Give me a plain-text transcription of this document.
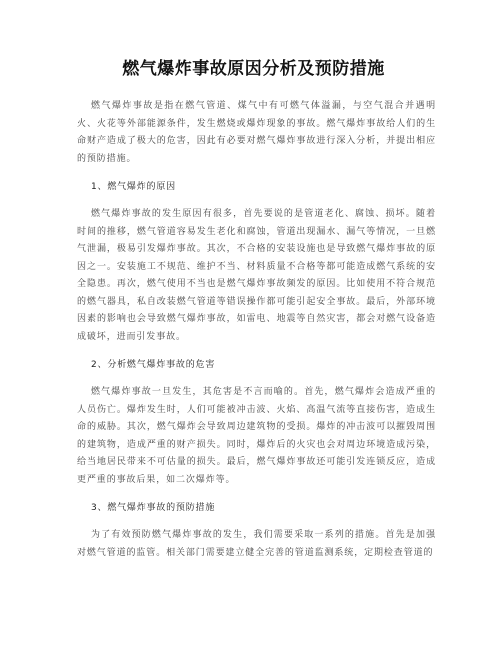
燃气爆炸事故原因分析及预防措施

燃气爆炸事故是指在燃气管道、煤气中有可燃气体溢漏，与空气混合并遇明火、火花等外部能源条件，发生燃烧或爆炸现象的事故。燃气爆炸事故给人们的生命财产造成了极大的危害，因此有必要对燃气爆炸事故进行深入分析，并提出相应的预防措施。

1、燃气爆炸的原因

燃气爆炸事故的发生原因有很多，首先要说的是管道老化、腐蚀、损坏。随着时间的推移，燃气管道容易发生老化和腐蚀，管道出现漏水、漏气等情况，一旦燃气泄漏，极易引发爆炸事故。其次，不合格的安装设施也是导致燃气爆炸事故的原因之一。安装施工不规范、维护不当、材料质量不合格等都可能造成燃气系统的安全隐患。再次，燃气使用不当也是燃气爆炸事故频发的原因。比如使用不符合规范的燃气器具，私自改装燃气管道等错误操作都可能引起安全事故。最后，外部环境因素的影响也会导致燃气爆炸事故，如雷电、地震等自然灾害，都会对燃气设备造成破坏，进而引发事故。

2、分析燃气爆炸事故的危害

燃气爆炸事故一旦发生，其危害是不言而喻的。首先，燃气爆炸会造成严重的人员伤亡。爆炸发生时，人们可能被冲击波、火焰、高温气流等直接伤害，造成生命的威胁。其次，燃气爆炸会导致周边建筑物的受损。爆炸的冲击波可以摧毁周围的建筑物，造成严重的财产损失。同时，爆炸后的火灾也会对周边环境造成污染，给当地居民带来不可估量的损失。最后，燃气爆炸事故还可能引发连锁反应，造成更严重的事故后果，如二次爆炸等。

3、燃气爆炸事故的预防措施

为了有效预防燃气爆炸事故的发生，我们需要采取一系列的措施。首先是加强对燃气管道的监管。相关部门需要建立健全完善的管道监测系统，定期检查管道的
